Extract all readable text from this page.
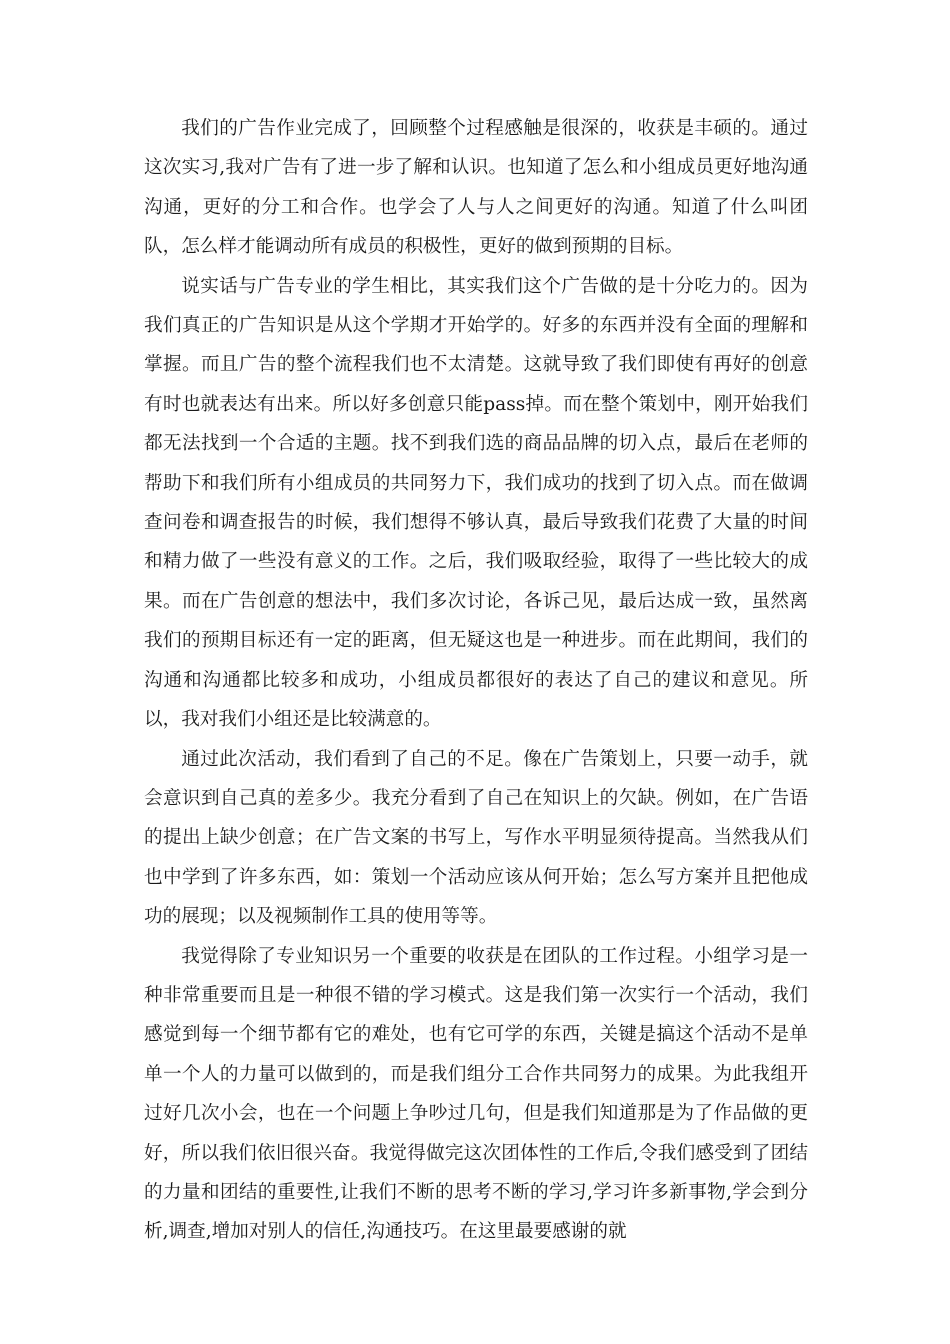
我们的广告作业完成了，回顾整个过程感触是很深的，收获是丰硕的。通过这次实习,我对广告有了进一步了解和认识。也知道了怎么和小组成员更好地沟通沟通，更好的分工和合作。也学会了人与人之间更好的沟通。知道了什么叫团队，怎么样才能调动所有成员的积极性，更好的做到预期的目标。

说实话与广告专业的学生相比，其实我们这个广告做的是十分吃力的。因为我们真正的广告知识是从这个学期才开始学的。好多的东西并没有全面的理解和掌握。而且广告的整个流程我们也不太清楚。这就导致了我们即使有再好的创意有时也就表达有出来。所以好多创意只能pass掉。而在整个策划中，刚开始我们都无法找到一个合适的主题。找不到我们选的商品品牌的切入点，最后在老师的帮助下和我们所有小组成员的共同努力下，我们成功的找到了切入点。而在做调查问卷和调查报告的时候，我们想得不够认真，最后导致我们花费了大量的时间和精力做了一些没有意义的工作。之后，我们吸取经验，取得了一些比较大的成果。而在广告创意的想法中，我们多次讨论，各诉己见，最后达成一致，虽然离我们的预期目标还有一定的距离，但无疑这也是一种进步。而在此期间，我们的沟通和沟通都比较多和成功，小组成员都很好的表达了自己的建议和意见。所以，我对我们小组还是比较满意的。

通过此次活动，我们看到了自己的不足。像在广告策划上，只要一动手，就会意识到自己真的差多少。我充分看到了自己在知识上的欠缺。例如，在广告语的提出上缺少创意；在广告文案的书写上，写作水平明显须待提高。当然我从们也中学到了许多东西，如：策划一个活动应该从何开始；怎么写方案并且把他成功的展现；以及视频制作工具的使用等等。

我觉得除了专业知识另一个重要的收获是在团队的工作过程。小组学习是一种非常重要而且是一种很不错的学习模式。这是我们第一次实行一个活动，我们感觉到每一个细节都有它的难处，也有它可学的东西，关键是搞这个活动不是单单一个人的力量可以做到的，而是我们组分工合作共同努力的成果。为此我组开过好几次小会，也在一个问题上争吵过几句，但是我们知道那是为了作品做的更好，所以我们依旧很兴奋。我觉得做完这次团体性的工作后,令我们感受到了团结的力量和团结的重要性,让我们不断的思考不断的学习,学习许多新事物,学会到分析,调查,增加对别人的信任,沟通技巧。在这里最要感谢的就
